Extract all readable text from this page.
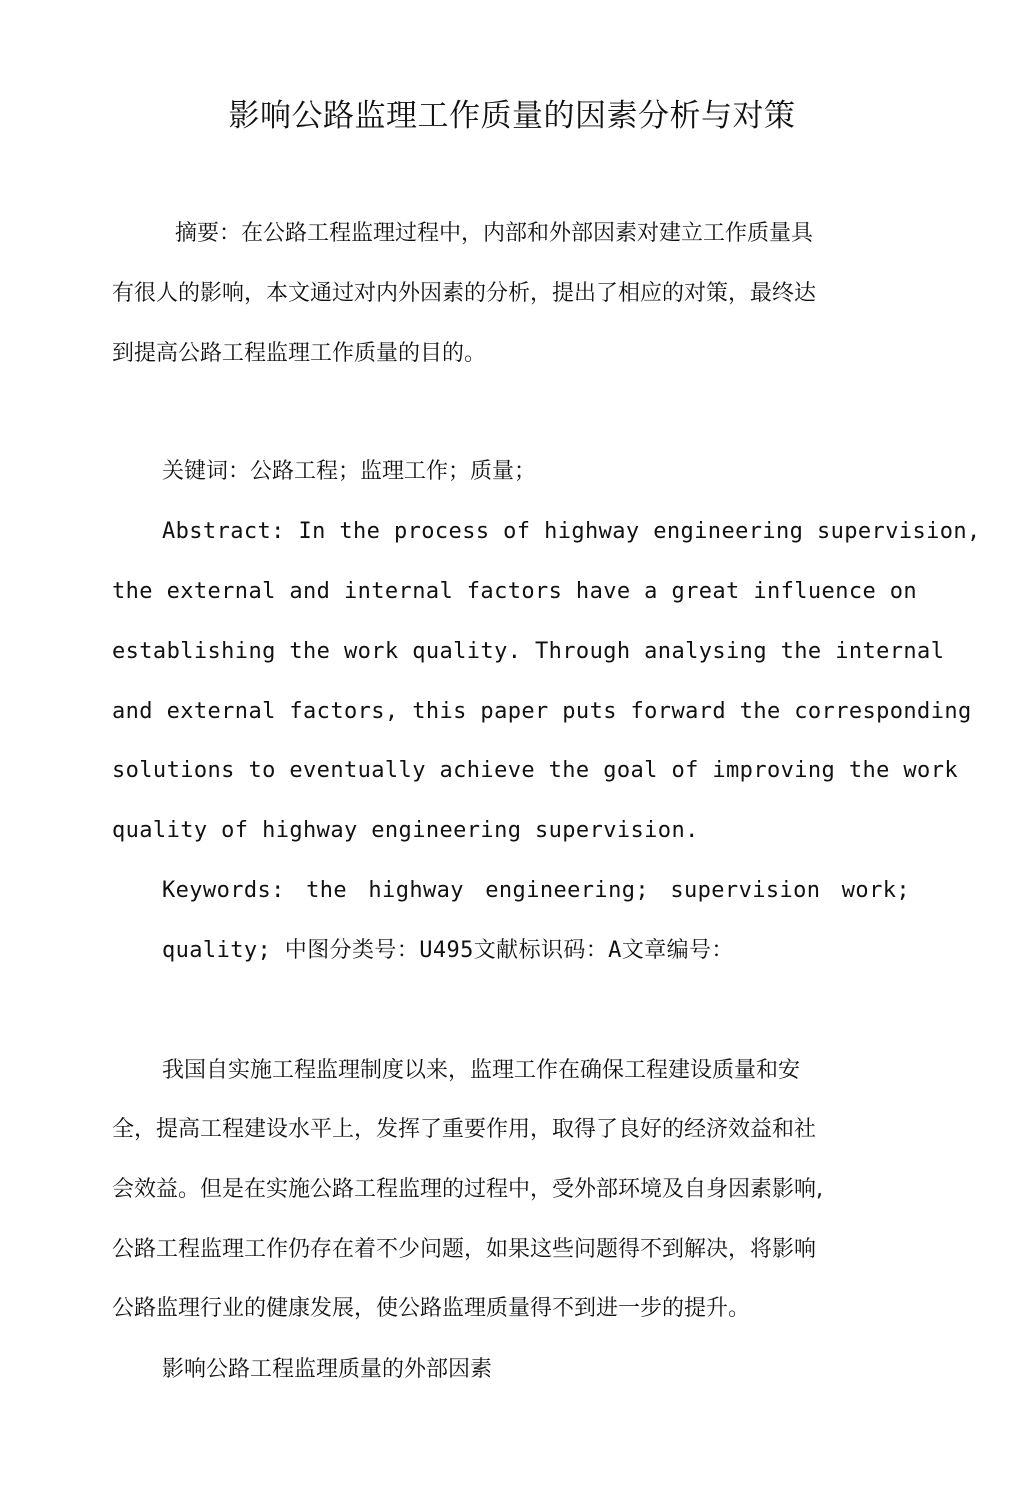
影响公路监理工作质量的因素分析与对策
摘要：在公路工程监理过程中，内部和外部因素对建立工作质量具
有很人的影响，本文通过对内外因素的分析，提出了相应的对策，最终达
到提高公路工程监理工作质量的目的。
关键词：公路工程；监理工作；质量；
Abstract: In the process of highway engineering supervision,
the external and internal factors have a great influence on
establishing the work quality. Through analysing the internal
and external factors, this paper puts forward the corresponding
solutions to eventually achieve the goal of improving the work
quality of highway engineering supervision.
Keywords: the highway engineering; supervision work;
quality; 中图分类号：U495文献标识码：A文章编号：
我国自实施工程监理制度以来，监理工作在确保工程建设质量和安
全，提高工程建设水平上，发挥了重要作用，取得了良好的经济效益和社
会效益。但是在实施公路工程监理的过程中，受外部环境及自身因素影响,
公路工程监理工作仍存在着不少问题，如果这些问题得不到解决，将影响
公路监理行业的健康发展，使公路监理质量得不到进一步的提升。
影响公路工程监理质量的外部因素
